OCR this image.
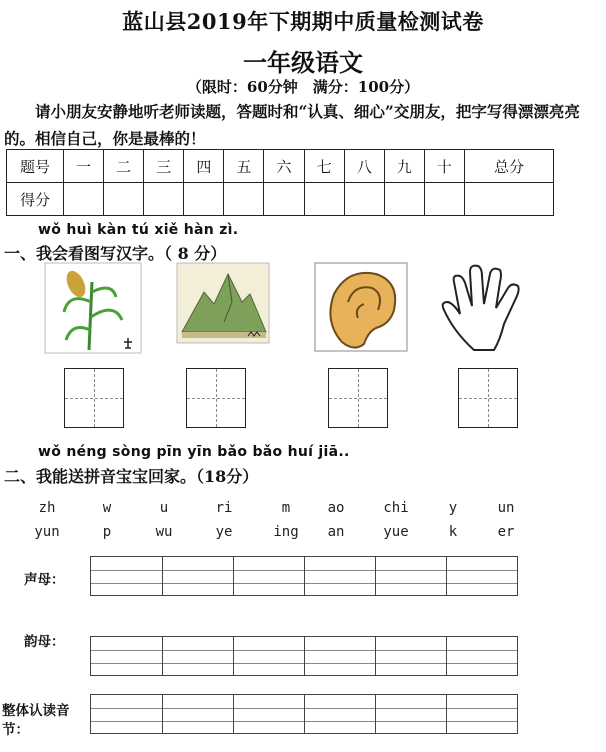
蓝山县2019年下期期中质量检测试卷
一年级语文
（限时：60分钟　满分：100分）
请小朋友安静地听老师读题，答题时和“认真、细心”交朋友，把字写得漂漂亮亮的。相信自己，你是最棒的！
题号	一	二	三	四	五	六	七	八	九	十	总分
得分											
wǒ huì kàn tú xiě hàn zì.
一、我会看图写汉字。（ 8 分）
wǒ néng sòng pīn yīn bǎo bǎo huí jiā..
二、我能送拼音宝宝回家。（18分）
zh	w	u	ri	m	ao	chi	y	un
yun	p	wu	ye	ing	an	yue	k	er
声母：
韵母：
整体认读音节：
